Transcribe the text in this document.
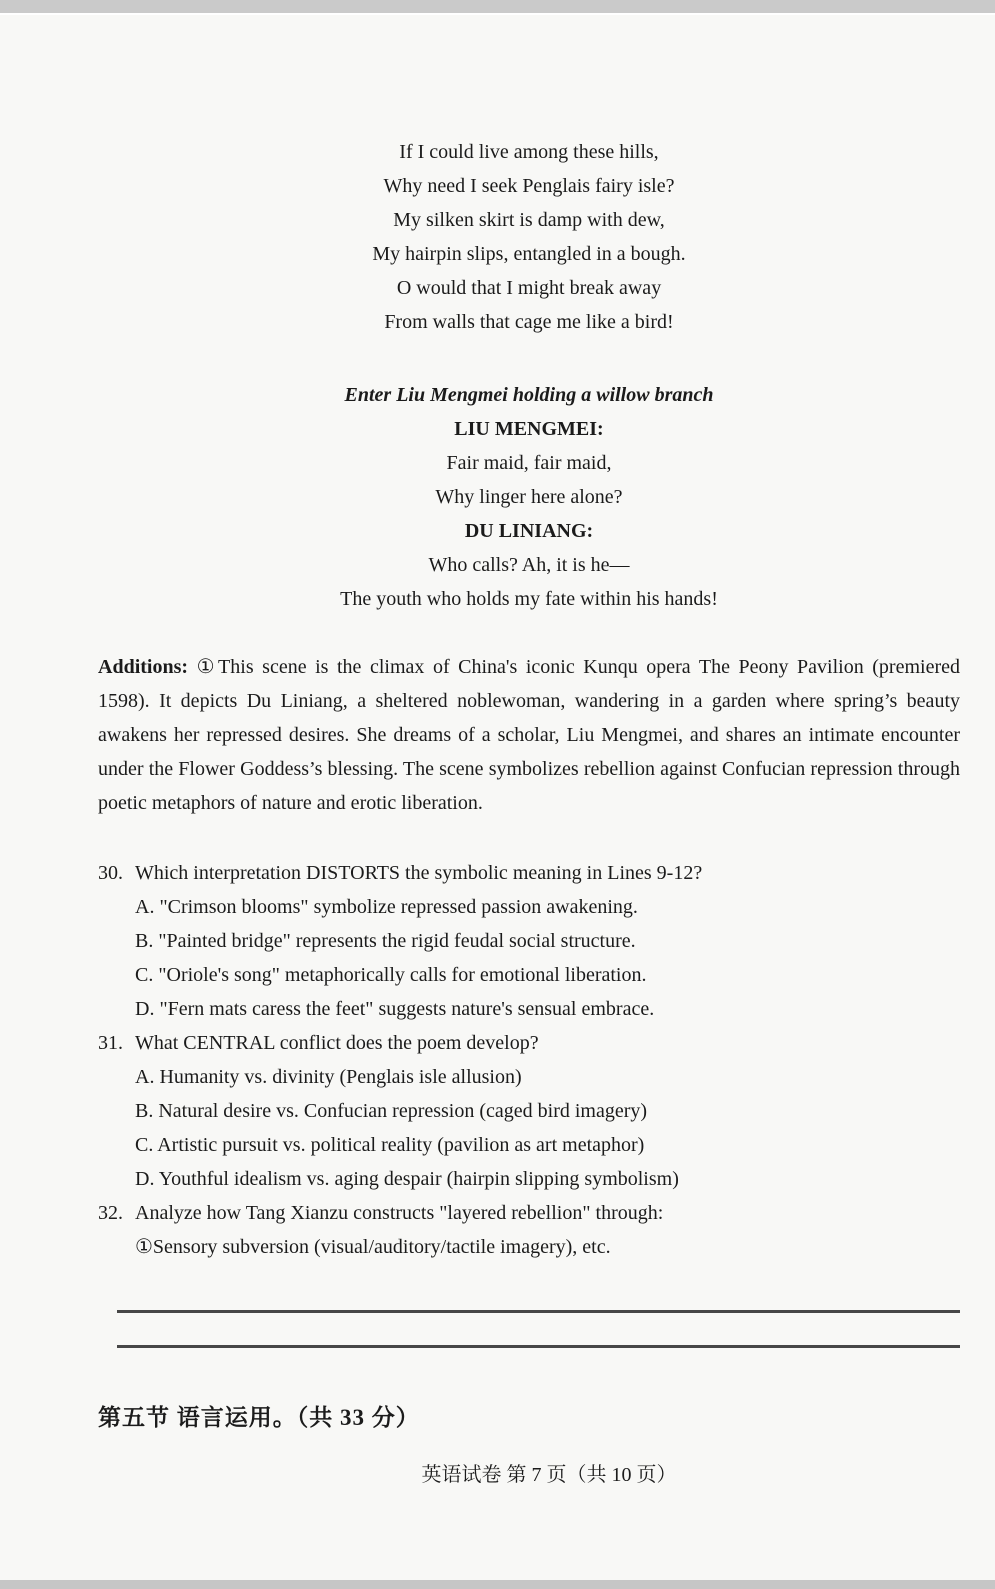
If I could live among these hills,
Why need I seek Penglais fairy isle?
My silken skirt is damp with dew,
My hairpin slips, entangled in a bough.
O would that I might break away
From walls that cage me like a bird!
Enter Liu Mengmei holding a willow branch
LIU MENGMEI:
Fair maid, fair maid,
Why linger here alone?
DU LINIANG:
Who calls? Ah, it is he—
The youth who holds my fate within his hands!

Additions: ①This scene is the climax of China's iconic Kunqu opera The Peony Pavilion (premiered 1598). It depicts Du Liniang, a sheltered noblewoman, wandering in a garden where spring’s beauty awakens her repressed desires. She dreams of a scholar, Liu Mengmei, and shares an intimate encounter under the Flower Goddess’s blessing. The scene symbolizes rebellion against Confucian repression through poetic metaphors of nature and erotic liberation.

30. Which interpretation DISTORTS the symbolic meaning in Lines 9-12?
A. "Crimson blooms" symbolize repressed passion awakening.
B. "Painted bridge" represents the rigid feudal social structure.
C. "Oriole's song" metaphorically calls for emotional liberation.
D. "Fern mats caress the feet" suggests nature's sensual embrace.
31. What CENTRAL conflict does the poem develop?
A. Humanity vs. divinity (Penglais isle allusion)
B. Natural desire vs. Confucian repression (caged bird imagery)
C. Artistic pursuit vs. political reality (pavilion as art metaphor)
D. Youthful idealism vs. aging despair (hairpin slipping symbolism)
32. Analyze how Tang Xianzu constructs "layered rebellion" through:
①Sensory subversion (visual/auditory/tactile imagery), etc.
第五节 语言运用。（共 33 分）
英语试卷 第 7 页（共 10 页）
